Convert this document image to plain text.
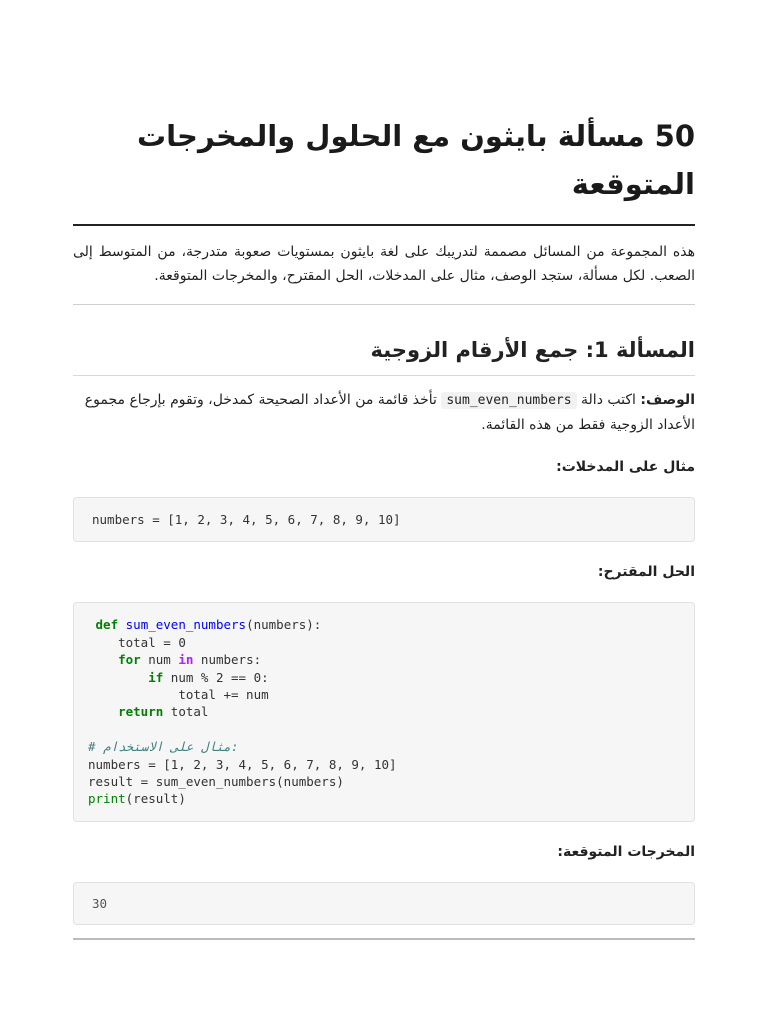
50 مسألة بايثون مع الحلول والمخرجات المتوقعة

هذه المجموعة من المسائل مصممة لتدريبك على لغة بايثون بمستويات صعوبة متدرجة، من المتوسط إلى الصعب. لكل مسألة، ستجد الوصف، مثال على المدخلات، الحل المقترح، والمخرجات المتوقعة.

المسألة 1: جمع الأرقام الزوجية

الوصف: اكتب دالة sum_even_numbers تأخذ قائمة من الأعداد الصحيحة كمدخل، وتقوم بإرجاع مجموع الأعداد الزوجية فقط من هذه القائمة.

مثال على المدخلات:

numbers = [1, 2, 3, 4, 5, 6, 7, 8, 9, 10]

الحل المقترح:

def sum_even_numbers(numbers):
total = 0
for num in numbers:
if num % 2 == 0:
total += num
return total

# مثال على الاستخدام:
numbers = [1, 2, 3, 4, 5, 6, 7, 8, 9, 10]
result = sum_even_numbers(numbers)
print(result)

المخرجات المتوقعة:

30
